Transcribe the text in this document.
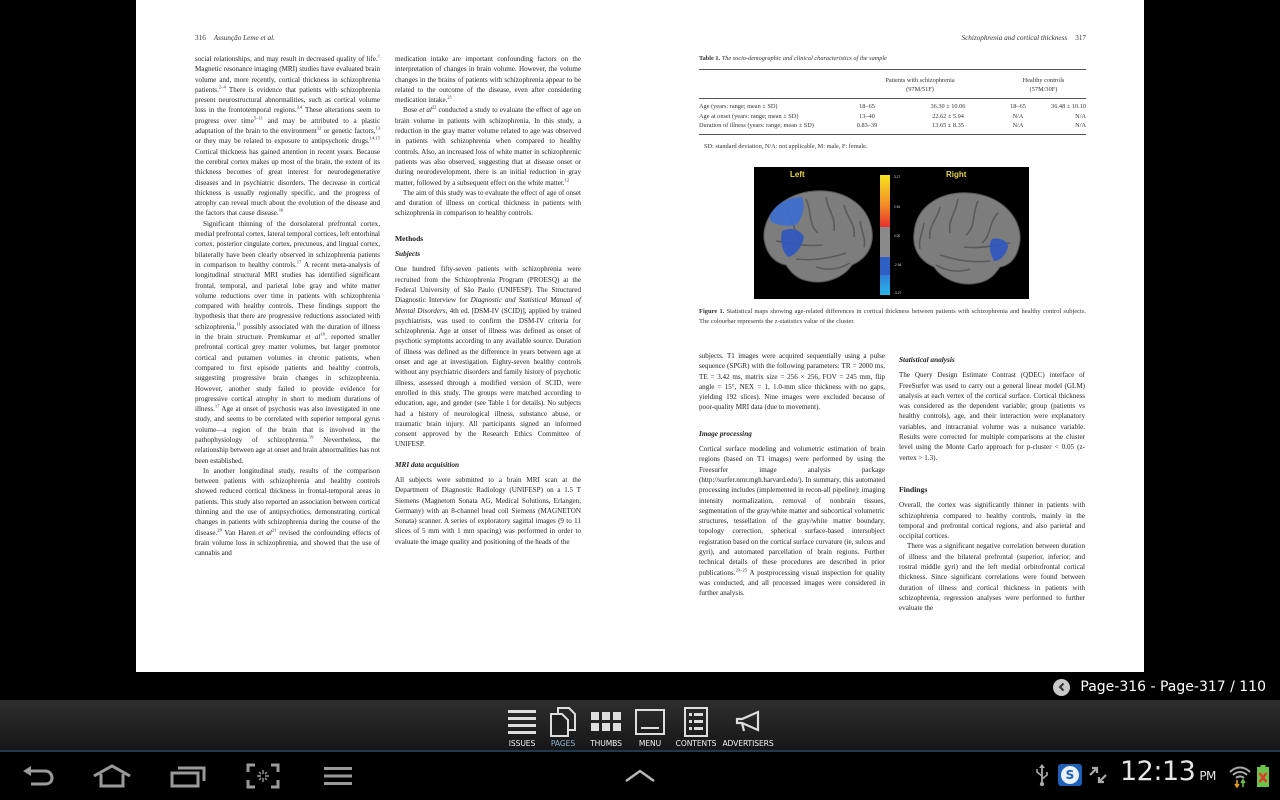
316 Assunção Leme et al.

social relationships, and may result in decreased quality of life.$^1$ Magnetic resonance imaging (MRI) studies have evaluated brain volume and, more recently, cortical thickness in schizophrenia patients.$^{2-4}$ There is evidence that patients with schizophrenia present neurostructural abnormalities, such as cortical volume loss in the frontotemporal regions.$^{3,4}$ These alterations seem to progress over time$^{5-11}$ and may be attributed to a plastic adaptation of the brain to the environment$^{12}$ or genetic factors,$^{13}$ or they may be related to exposure to antipsychotic drugs.$^{14,15}$ Cortical thickness has gained attention in recent years. Because the cerebral cortex makes up most of the brain, the extent of its thickness becomes of great interest for neurodegenerative diseases and in psychiatric disorders. The decrease in cortical thickness is usually regionally specific, and the progress of atrophy can reveal much about the evolution of the disease and the factors that cause disease.$^{16}$

Significant thinning of the dorsolateral prefrontal cortex, medial prefrontal cortex, lateral temporal cortices, left entorhinal cortex, posterior cingulate cortex, precuneus, and lingual cortex, bilaterally have been clearly observed in schizophrenia patients in comparison to healthy controls.$^{17}$ A recent meta-analysis of longitudinal structural MRI studies has identified significant frontal, temporal, and parietal lobe gray and white matter volume reductions over time in patients with schizophrenia compared with healthy controls. These findings support the hypothesis that there are progressive reductions associated with schizophrenia,$^{11}$ possibly associated with the duration of illness in the brain structure. Premkumar et $al^{18}$, reported smaller prefrontal cortical grey matter volumes, but larger premotor cortical and putamen volumes in chronic patients, when compared to first episode patients and healthy controls, suggesting progressive brain changes in schizophrenia. However, another study failed to provide evidence for progressive cortical atrophy in short to medium durations of illness.$^{17}$ Age at onset of psychosis was also investigated in one study, and seems to be correlated with superior temporal gyrus volume—a region of the brain that is involved in the pathophysiology of schizophrenia.$^{19}$ Nevertheless, the relationship between age at onset and brain abnormalities has not been established.

In another longitudinal study, results of the comparison between patients with schizophrenia and healthy controls showed reduced cortical thickness in frontal-temporal areas in patients. This study also reported an association between cortical thinning and the use of antipsychotics, demonstrating cortical changes in patients with schizophrenia during the course of the disease.$^{20}$ Van Haren et $al^{21}$ revised the confounding effects of brain volume loss in schizophrenia, and showed that the use of cannabis and

medication intake are important confounding factors on the interpretation of changes in brain volume. However, the volume changes in the brains of patients with schizophrenia appear to be related to the outcome of the disease, even after considering medication intake.$^{21}$

Bose et $al^{22}$ conducted a study to evaluate the effect of age on brain volume in patients with schizophrenia. In this study, a reduction in the gray matter volume related to age was observed in patients with schizophrenia when compared to healthy controls. Also, an increased loss of white matter in schizophrenic patients was also observed, suggesting that at disease onset or during neurodevelopment, there is an initial reduction in gray matter, followed by a subsequent effect on the white matter.$^{12}$

The aim of this study was to evaluate the effect of age of onset and duration of illness on cortical thickness in patients with schizophrenia in comparison to healthy controls.

Methods
Subjects

One hundred fifty-seven patients with schizophrenia were recruited from the Schizophrenia Program (PROESQ) at the Federal University of São Paulo (UNIFESP). The Structured Diagnostic Interview for Diagnostic and Statistical Manual of Mental Disorders, 4th ed. [DSM-IV (SCID)], applied by trained psychiatrists, was used to confirm the DSM-IV criteria for schizophrenia. Age at onset of illness was defined as onset of psychotic symptoms according to any available source. Duration of illness was defined as the difference in years between age at onset and age at investigation. Eighty-seven healthy controls without any psychiatric disorders and family history of psychotic illness, assessed through a modified version of SCID, were enrolled in this study. The groups were matched according to education, age, and gender (see Table 1 for details). No subjects had a history of neurological illness, substance abuse, or traumatic brain injury. All participants signed an informed consent approved by the Research Ethics Committee of UNIFESP.

MRI data acquisition

All subjects were submitted to a brain MRI scan at the Department of Diagnostic Radiology (UNIFESP) on a 1.5 T Siemens (Magnetom Sonata AG, Medical Solutions, Erlangen, Germany) with an 8-channel head coil Siemens (MAGNETON Sonata) scanner. A series of exploratory sagittal images (9 to 11 slices of 5 mm with 1 mm spacing) was performed in order to evaluate the image quality and positioning of the heads of the

Schizophrenia and cortical thickness 317
Table 1. The socio-demographic and clinical characteristics of the sample
Patients with schizophrenia
(97M/51F)
Healthy controls
(57M/30F)
Age (years: range; mean ± SD)	18–65	36.30 ± 10.06	18–65	36.48 ± 10.10
Age at onset (years: range; mean ± SD)	13–40	22.62 ± 5.94	N/A	N/A
Duration of illness (years: range; mean ± SD)	0.83–39	13.65 ± 8.35	N/A	N/A
SD: standard deviation, N/A: not applicable, M: male, F: female.
Left	Right
3.27
2.94
0.00
-2.94
-3.27
Figure 1. Statistical maps showing age-related differences in cortical thickness between patients with schizophrenia and healthy control subjects. The colourbar represents the z-statistics value of the cluster.

subjects. T1 images were acquired sequentially using a pulse sequence (SPGR) with the following parameters: TR = 2000 ms, TE = 3.42 ms, matrix size = 256 × 256, FOV = 245 mm, flip angle = 15°, NEX = 1, 1.0-mm slice thickness with no gaps, yielding 192 slices). Nine images were excluded because of poor-quality MRI data (due to movement).

Image processing

Cortical surface modeling and volumetric estimation of brain regions (based on T1 images) were performed by using the Freesurfer image analysis package (http://surfer.nmr.mgh.harvard.edu/). In summary, this automated processing includes (implemented in recon-all pipeline): imaging intensity normalization, removal of nonbrain tissues, segmentation of the gray/white matter and subcortical volumetric structures, tessellation of the gray/white matter boundary, topology correction, spherical surface-based intersubject registration based on the cortical surface curvature (ie, sulcus and gyri), and automated parcellation of brain regions. Further technical details of these procedures are described in prior publications.$^{23-25}$ A postprocessing visual inspection for quality was conducted, and all processed images were considered in further analysis.

Statistical analysis

The Query Design Estimate Contrast (QDEC) interface of FreeSurfer was used to carry out a general linear model (GLM) analysis at each vertex of the cortical surface. Cortical thickness was considered as the dependent variable; group (patients vs healthy controls), age, and their interaction were explanatory variables, and intracranial volume was a nuisance variable. Results were corrected for multiple comparisons at the cluster level using the Monte Carlo approach for p-cluster < 0.05 (z-vertex > 1.3).

Findings

Overall, the cortex was significantly thinner in patients with schizophrenia compared to healthy controls, mainly in the temporal and prefrontal cortical regions, and also parietal and occipital cortices.

There was a significant negative correlation between duration of illness and the bilateral prefrontal (superior, inferior, and rostral middle gyri) and the left medial orbitofrontal cortical thickness. Since significant correlations were found between duration of illness and cortical thickness in patients with schizophrenia, regression analyses were performed to further evaluate the

Page-316 - Page-317 / 110
ISSUES PAGES THUMBS MENU CONTENTS ADVERTISERS
S 12:13 PM
